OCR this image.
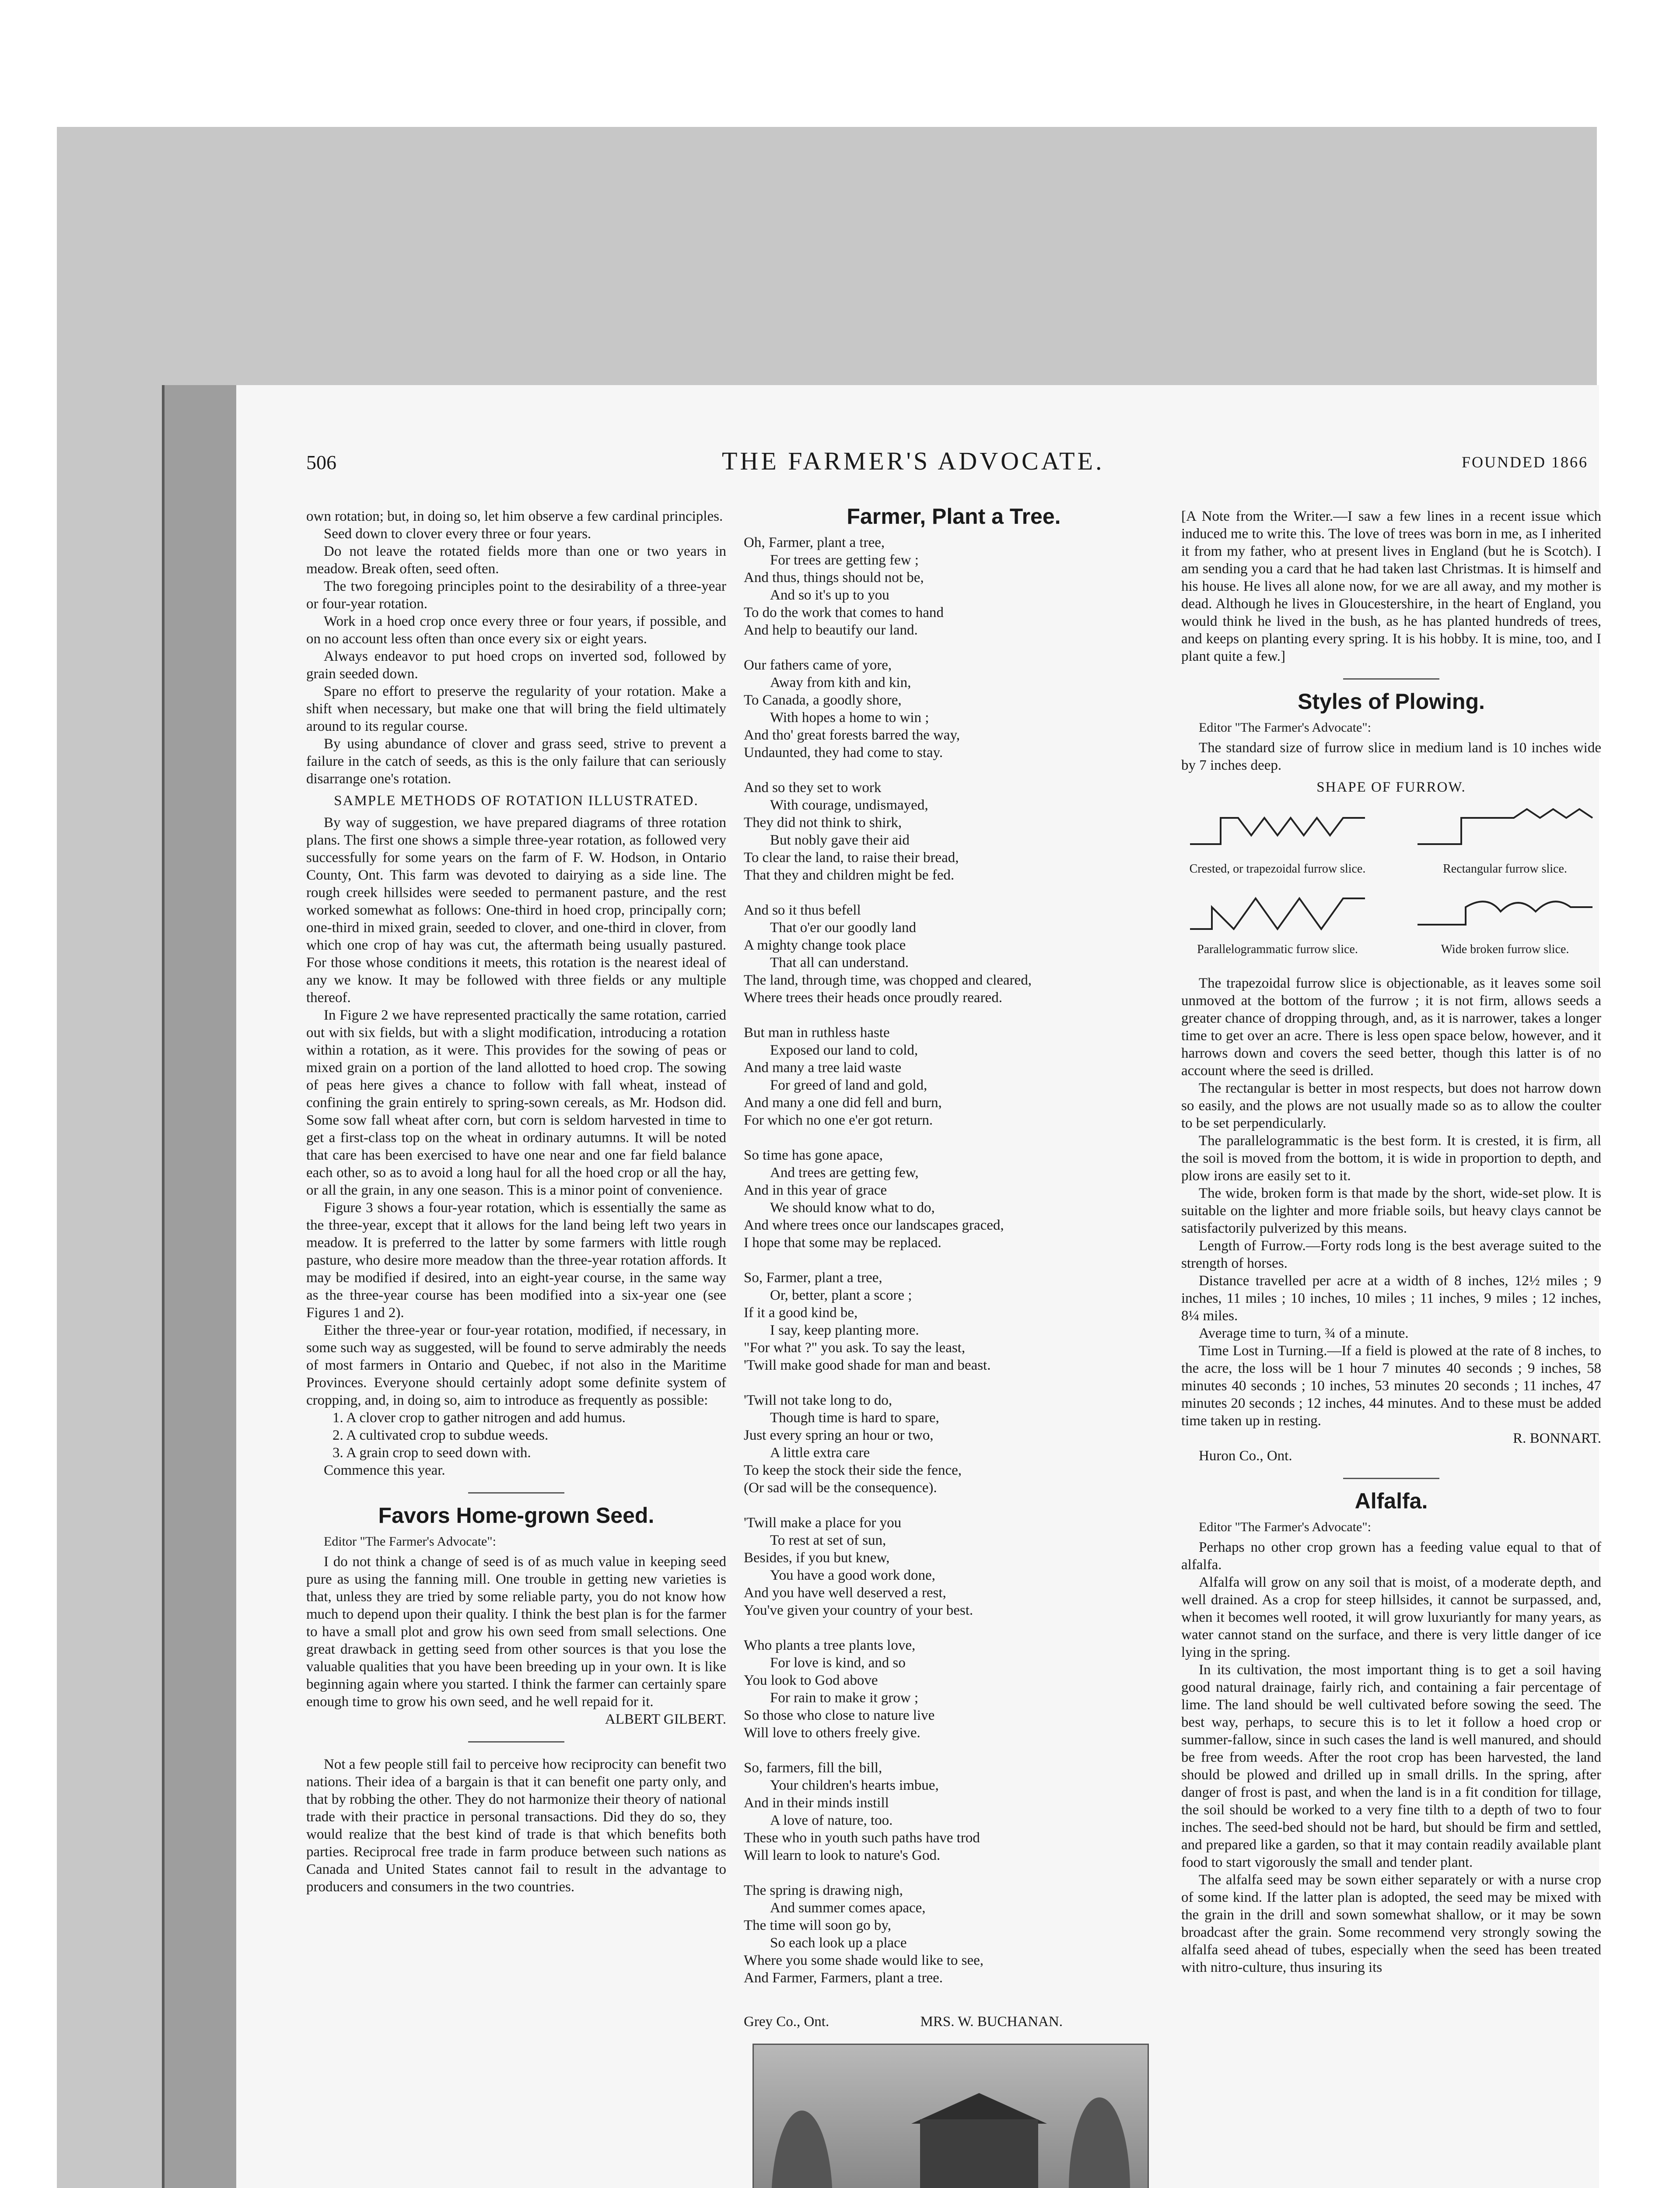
506	THE FARMER'S ADVOCATE.	FOUNDED 1866

own rotation; but, in doing so, let him observe a few cardinal principles.

Seed down to clover every three or four years.

Do not leave the rotated fields more than one or two years in meadow. Break often, seed often.

The two foregoing principles point to the desirability of a three-year or four-year rotation.

Work in a hoed crop once every three or four years, if possible, and on no account less often than once every six or eight years.

Always endeavor to put hoed crops on inverted sod, followed by grain seeded down.

Spare no effort to preserve the regularity of your rotation. Make a shift when necessary, but make one that will bring the field ultimately around to its regular course.

By using abundance of clover and grass seed, strive to prevent a failure in the catch of seeds, as this is the only failure that can seriously disarrange one's rotation.

SAMPLE METHODS OF ROTATION ILLUSTRATED.

By way of suggestion, we have prepared diagrams of three rotation plans. The first one shows a simple three-year rotation, as followed very successfully for some years on the farm of F. W. Hodson, in Ontario County, Ont. This farm was devoted to dairying as a side line. The rough creek hillsides were seeded to permanent pasture, and the rest worked somewhat as follows: One-third in hoed crop, principally corn; one-third in mixed grain, seeded to clover, and one-third in clover, from which one crop of hay was cut, the aftermath being usually pastured. For those whose conditions it meets, this rotation is the nearest ideal of any we know. It may be followed with three fields or any multiple thereof.

In Figure 2 we have represented practically the same rotation, carried out with six fields, but with a slight modification, introducing a rotation within a rotation, as it were. This provides for the sowing of peas or mixed grain on a portion of the land allotted to hoed crop. The sowing of peas here gives a chance to follow with fall wheat, instead of confining the grain entirely to spring-sown cereals, as Mr. Hodson did. Some sow fall wheat after corn, but corn is seldom harvested in time to get a first-class top on the wheat in ordinary autumns. It will be noted that care has been exercised to have one near and one far field balance each other, so as to avoid a long haul for all the hoed crop or all the hay, or all the grain, in any one season. This is a minor point of convenience.

Figure 3 shows a four-year rotation, which is essentially the same as the three-year, except that it allows for the land being left two years in meadow. It is preferred to the latter by some farmers with little rough pasture, who desire more meadow than the three-year rotation affords. It may be modified if desired, into an eight-year course, in the same way as the three-year course has been modified into a six-year one (see Figures 1 and 2).

Either the three-year or four-year rotation, modified, if necessary, in some such way as suggested, will be found to serve admirably the needs of most farmers in Ontario and Quebec, if not also in the Maritime Provinces. Everyone should certainly adopt some definite system of cropping, and, in doing so, aim to introduce as frequently as possible:

1. A clover crop to gather nitrogen and add humus.

2. A cultivated crop to subdue weeds.

3. A grain crop to seed down with.

Commence this year.

Favors Home-grown Seed.

Editor "The Farmer's Advocate":

I do not think a change of seed is of as much value in keeping seed pure as using the fanning mill. One trouble in getting new varieties is that, unless they are tried by some reliable party, you do not know how much to depend upon their quality. I think the best plan is for the farmer to have a small plot and grow his own seed from small selections. One great drawback in getting seed from other sources is that you lose the valuable qualities that you have been breeding up in your own. It is like beginning again where you started. I think the farmer can certainly spare enough time to grow his own seed, and he well repaid for it.

ALBERT GILBERT.

Not a few people still fail to perceive how reciprocity can benefit two nations. Their idea of a bargain is that it can benefit one party only, and that by robbing the other. They do not harmonize their theory of national trade with their practice in personal transactions. Did they do so, they would realize that the best kind of trade is that which benefits both parties. Reciprocal free trade in farm produce between such nations as Canada and United States cannot fail to result in the advantage to producers and consumers in the two countries.

Farmer, Plant a Tree.
Oh, Farmer, plant a tree,
For trees are getting few ;
And thus, things should not be,
And so it's up to you
To do the work that comes to hand
And help to beautify our land.
Our fathers came of yore,
Away from kith and kin,
To Canada, a goodly shore,
With hopes a home to win ;
And tho' great forests barred the way,
Undaunted, they had come to stay.
And so they set to work
With courage, undismayed,
They did not think to shirk,
But nobly gave their aid
To clear the land, to raise their bread,
That they and children might be fed.
And so it thus befell
That o'er our goodly land
A mighty change took place
That all can understand.
The land, through time, was chopped and cleared,
Where trees their heads once proudly reared.
But man in ruthless haste
Exposed our land to cold,
And many a tree laid waste
For greed of land and gold,
And many a one did fell and burn,
For which no one e'er got return.
So time has gone apace,
And trees are getting few,
And in this year of grace
We should know what to do,
And where trees once our landscapes graced,
I hope that some may be replaced.
So, Farmer, plant a tree,
Or, better, plant a score ;
If it a good kind be,
I say, keep planting more.
"For what ?" you ask. To say the least,
'Twill make good shade for man and beast.
'Twill not take long to do,
Though time is hard to spare,
Just every spring an hour or two,
A little extra care
To keep the stock their side the fence,
(Or sad will be the consequence).
'Twill make a place for you
To rest at set of sun,
Besides, if you but knew,
You have a good work done,
And you have well deserved a rest,
You've given your country of your best.
Who plants a tree plants love,
For love is kind, and so
You look to God above
For rain to make it grow ;
So those who close to nature live
Will love to others freely give.
So, farmers, fill the bill,
Your children's hearts imbue,
And in their minds instill
A love of nature, too.
These who in youth such paths have trod
Will learn to look to nature's God.
The spring is drawing nigh,
And summer comes apace,
The time will soon go by,
So each look up a place
Where you some shade would like to see,
And Farmer, Farmers, plant a tree.

Grey Co., Ont.	MRS. W. BUCHANAN.

[A Note from the Writer.—I saw a few lines in a recent issue which induced me to write this. The love of trees was born in me, as I inherited it from my father, who at present lives in England (but he is Scotch). I am sending you a card that he had taken last Christmas. It is himself and his house. He lives all alone now, for we are all away, and my mother is dead. Although he lives in Gloucestershire, in the heart of England, you would think he lived in the bush, as he has planted hundreds of trees, and keeps on planting every spring. It is his hobby. It is mine, too, and I plant quite a few.]

Styles of Plowing.

Editor "The Farmer's Advocate":

The standard size of furrow slice in medium land is 10 inches wide by 7 inches deep.

SHAPE OF FURROW.

Crested, or trapezoidal furrow slice.	Rectangular furrow slice.
Parallelogrammatic furrow slice.	Wide broken furrow slice.

The trapezoidal furrow slice is objectionable, as it leaves some soil unmoved at the bottom of the furrow ; it is not firm, allows seeds a greater chance of dropping through, and, as it is narrower, takes a longer time to get over an acre. There is less open space below, however, and it harrows down and covers the seed better, though this latter is of no account where the seed is drilled.

The rectangular is better in most respects, but does not harrow down so easily, and the plows are not usually made so as to allow the coulter to be set perpendicularly.

The parallelogrammatic is the best form. It is crested, it is firm, all the soil is moved from the bottom, it is wide in proportion to depth, and plow irons are easily set to it.

The wide, broken form is that made by the short, wide-set plow. It is suitable on the lighter and more friable soils, but heavy clays cannot be satisfactorily pulverized by this means.

Length of Furrow.—Forty rods long is the best average suited to the strength of horses.

Distance travelled per acre at a width of 8 inches, 12½ miles ; 9 inches, 11 miles ; 10 inches, 10 miles ; 11 inches, 9 miles ; 12 inches, 8¼ miles.

Average time to turn, ¾ of a minute.

Time Lost in Turning.—If a field is plowed at the rate of 8 inches, to the acre, the loss will be 1 hour 7 minutes 40 seconds ; 9 inches, 58 minutes 40 seconds ; 10 inches, 53 minutes 20 seconds ; 11 inches, 47 minutes 20 seconds ; 12 inches, 44 minutes. And to these must be added time taken up in resting.

R. BONNART.

Huron Co., Ont.

Alfalfa.

Editor "The Farmer's Advocate":

Perhaps no other crop grown has a feeding value equal to that of alfalfa.

Alfalfa will grow on any soil that is moist, of a moderate depth, and well drained. As a crop for steep hillsides, it cannot be surpassed, and, when it becomes well rooted, it will grow luxuriantly for many years, as water cannot stand on the surface, and there is very little danger of ice lying in the spring.

In its cultivation, the most important thing is to get a soil having good natural drainage, fairly rich, and containing a fair percentage of lime. The land should be well cultivated before sowing the seed. The best way, perhaps, to secure this is to let it follow a hoed crop or summer-fallow, since in such cases the land is well manured, and should be free from weeds. After the root crop has been harvested, the land should be plowed and drilled up in small drills. In the spring, after danger of frost is past, and when the land is in a fit condition for tillage, the soil should be worked to a very fine tilth to a depth of two to four inches. The seed-bed should not be hard, but should be firm and settled, and prepared like a garden, so that it may contain readily available plant food to start vigorously the small and tender plant.

The alfalfa seed may be sown either separately or with a nurse crop of some kind. If the latter plan is adopted, the seed may be mixed with the grain in the drill and sown somewhat shallow, or it may be sown broadcast after the grain. Some recommend very strongly sowing the alfalfa seed ahead of tubes, especially when the seed has been treated with nitro-culture, thus insuring its
